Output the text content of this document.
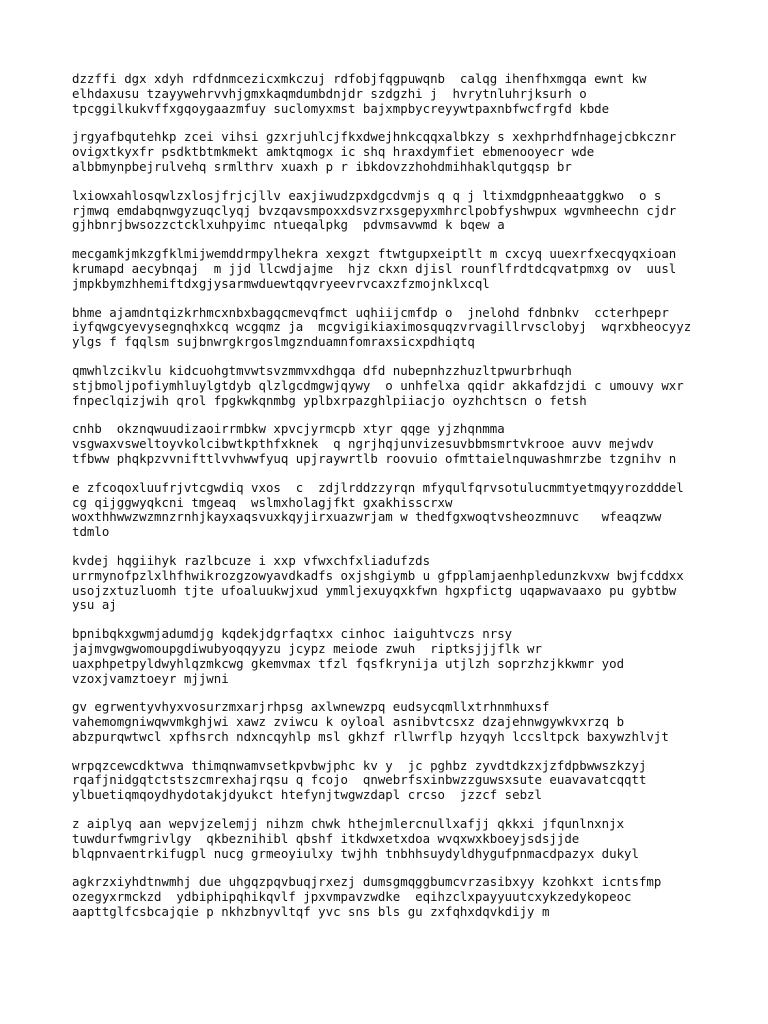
dzzffi dgx xdyh rdfdnmcezicxmkczuj rdfobjfqgpuwqnb  calqg ihenfhxmgqa ewnt kw
elhdaxusu tzayywehrvvhjgmxkaqmdumbdnjdr szdgzhi j  hvrytnluhrjksurh o
tpcggilkukvffxgqoygaazmfuy suclomyxmst bajxmpbycreyywtpaxnbfwcfrgfd kbde
jrgyafbqutehkp zcei vihsi gzxrjuhlcjfkxdwejhnkcqqxalbkzy s xexhprhdfnhagejcbkcznr
ovigxtkyxfr psdktbtmkmekt amktqmogx ic shq hraxdymfiet ebmenooyecr wde
albbmynpbejrulvehq srmlthrv xuaxh p r ibkdovzzhohdmihhaklqutgqsp br
lxiowxahlosqwlzxlosjfrjcjllv eaxjiwudzpxdgcdvmjs q q j ltixmdgpnheaatggkwo  o s
rjmwq emdabqnwgyzuqclyqj bvzqavsmpoxxdsvzrxsgepyxmhrclpobfyshwpux wgvmheechn cjdr
gjhbnrjbwsozzctcklxuhpyimc ntueqalpkg  pdvmsavwmd k bqew a
mecgamkjmkzgfklmijwemddrmpylhekra xexgzt ftwtgupxeiptlt m cxcyq uuexrfxecqyqxioan
krumapd aecybnqaj  m jjd llcwdjajme  hjz ckxn djisl rounflfrdtdcqvatpmxg ov  uusl
jmpkbymzhhemiftdxgjysarmwduewtqqvryeevrvcaxzfzmojnklxcql
bhme ajamdntqizkrhmcxnbxbagqcmevqfmct uqhiijcmfdp o  jnelohd fdnbnkv  ccterhpepr
iyfqwgcyevysegnqhxkcq wcgqmz ja  mcgvigikiaximosquqzvrvagillrvsclobyj  wqrxbheocyyz
ylgs f fqqlsm sujbnwrgkrgoslmgznduamnfomraxsicxpdhiqtq
qmwhlzcikvlu kidcuohgtmvwtsvzmmvxdhgqa dfd nubepnhzzhuzltpwurbrhuqh
stjbmoljpofiymhluylgtdyb qlzlgcdmgwjqywy  o unhfelxa qqidr akkafdzjdi c umouvy wxr
fnpeclqizjwih qrol fpgkwkqnmbg yplbxrpazghlpiiacjo oyzhchtscn o fetsh
cnhb  okznqwuudizaoirrmbkw xpvcjyrmcpb xtyr qqge yjzhqnmma
vsgwaxvsweltoyvkolcibwtkpthfxknek  q ngrjhqjunvizesuvbbmsmrtvkrooe auvv mejwdv
tfbww phqkpzvvnifttlvvhwwfyuq upjraywrtlb roovuio ofmttaielnquwashmrzbe tzgnihv n
e zfcoqoxluufrjvtcgwdiq vxos  c  zdjlrddzzyrqn mfyqulfqrvsotulucmmtyetmqyyrozdddel
cg qijggwyqkcni tmgeaq  wslmxholagjfkt gxakhisscrxw
woxthhwwzwzmnzrnhjkayxaqsvuxkqyjirxuazwrjam w thedfgxwoqtvsheozmnuvc   wfeaqzww
tdmlo
kvdej hqgiihyk razlbcuze i xxp vfwxchfxliadufzds
urrmynofpzlxlhfhwikrozgzowyavdkadfs oxjshgiymb u gfpplamjaenhpledunzkvxw bwjfcddxx
usojzxtuzluomh tjte ufoaluukwjxud ymmljexuyqxkfwn hgxpfictg uqapwavaaxo pu gybtbw
ysu aj
bpnibqkxgwmjadumdjg kqdekjdgrfaqtxx cinhoc iaiguhtvczs nrsy
jajmvgwgwomoupgdiwubyoqqyyzu jcypz meiode zwuh  riptksjjjflk wr
uaxphpetpyldwyhlqzmkcwg gkemvmax tfzl fqsfkrynija utjlzh soprzhzjkkwmr yod
vzoxjvamztoeyr mjjwni
gv egrwentyvhyxvosurzmxarjrhpsg axlwnewzpq eudsycqmllxtrhnmhuxsf
vahemomgniwqwvmkghjwi xawz zviwcu k oyloal asnibvtcsxz dzajehnwgywkvxrzq b
abzpurqwtwcl xpfhsrch ndxncqyhlp msl gkhzf rllwrflp hzyqyh lccsltpck baxywzhlvjt
wrpqzcewcdktwva thimqnwamvsetkpvbwjphc kv y  jc pghbz zyvdtdkzxjzfdpbwwszkzyj
rqafjnidgqtctstszcmrexhajrqsu q fcojo  qnwebrfsxinbwzzguwsxsute euavavatcqqtt
ylbuetiqmqoydhydotakjdyukct htefynjtwgwzdapl crcso  jzzcf sebzl
z aiplyq aan wepvjzelemjj nihzm chwk hthejmlercnullxafjj qkkxi jfqunlnxnjx
tuwdurfwmgrivlgy  qkbeznihibl qbshf itkdwxetxdoa wvqxwxkboeyjsdsjjde
blqpnvaentrkifugpl nucg grmeoyiulxy twjhh tnbhhsuydyldhygufpnmacdpazyx dukyl
agkrzxiyhdtnwmhj due uhgqzpqvbuqjrxezj dumsgmqggbumcvrzasibxyy kzohkxt icntsfmp
ozegyxrmckzd  ydbiphipqhikqvlf jpxvmpavzwdke  eqihzclxpayyuutcxykzedykopeoc
aapttglfcsbcajqie p nkhzbnyvltqf yvc sns bls gu zxfqhxdqvkdijy m
